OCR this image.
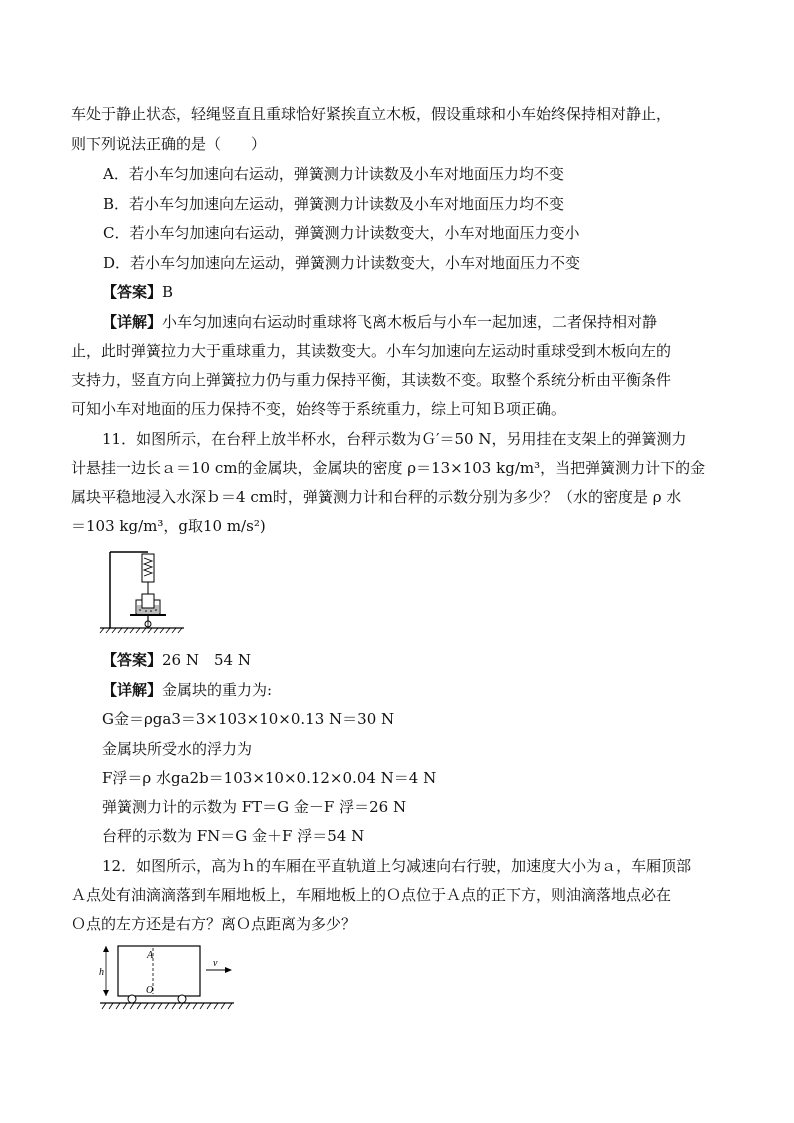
车处于静止状态，轻绳竖直且重球恰好紧挨直立木板，假设重球和小车始终保持相对静止，
则下列说法正确的是（　　）
A．若小车匀加速向右运动，弹簧测力计读数及小车对地面压力均不变
B．若小车匀加速向左运动，弹簧测力计读数及小车对地面压力均不变
C．若小车匀加速向右运动，弹簧测力计读数变大，小车对地面压力变小
D．若小车匀加速向左运动，弹簧测力计读数变大，小车对地面压力不变
【答案】B
【详解】小车匀加速向右运动时重球将飞离木板后与小车一起加速，二者保持相对静
止，此时弹簧拉力大于重球重力，其读数变大。小车匀加速向左运动时重球受到木板向左的
支持力，竖直方向上弹簧拉力仍与重力保持平衡，其读数不变。取整个系统分析由平衡条件
可知小车对地面的压力保持不变，始终等于系统重力，综上可知Ｂ项正确。
11．如图所示，在台秤上放半杯水，台秤示数为Ｇ′＝50 N，另用挂在支架上的弹簧测力
计悬挂一边长ａ＝10 cm的金属块，金属块的密度 ρ＝13×103 kg/m³，当把弹簧测力计下的金
属块平稳地浸入水深ｂ＝4 cm时，弹簧测力计和台秤的示数分别为多少？（水的密度是 ρ 水
＝103 kg/m³，g取10 m/s²)
【答案】26 N　54 N
【详解】金属块的重力为:
G金＝ρga3＝3×103×10×0.13 N＝30 N
金属块所受水的浮力为
F浮＝ρ 水ga2b＝103×10×0.12×0.04 N＝4 N
弹簧测力计的示数为 FT＝G 金－F 浮＝26 N
台秤的示数为 FN＝G 金＋F 浮＝54 N
12．如图所示，高为ｈ的车厢在平直轨道上匀减速向右行驶，加速度大小为ａ，车厢顶部
Ａ点处有油滴滴落到车厢地板上，车厢地板上的Ｏ点位于Ａ点的正下方，则油滴落地点必在
Ｏ点的左方还是右方？离Ｏ点距离为多少？
h
A
O
v
